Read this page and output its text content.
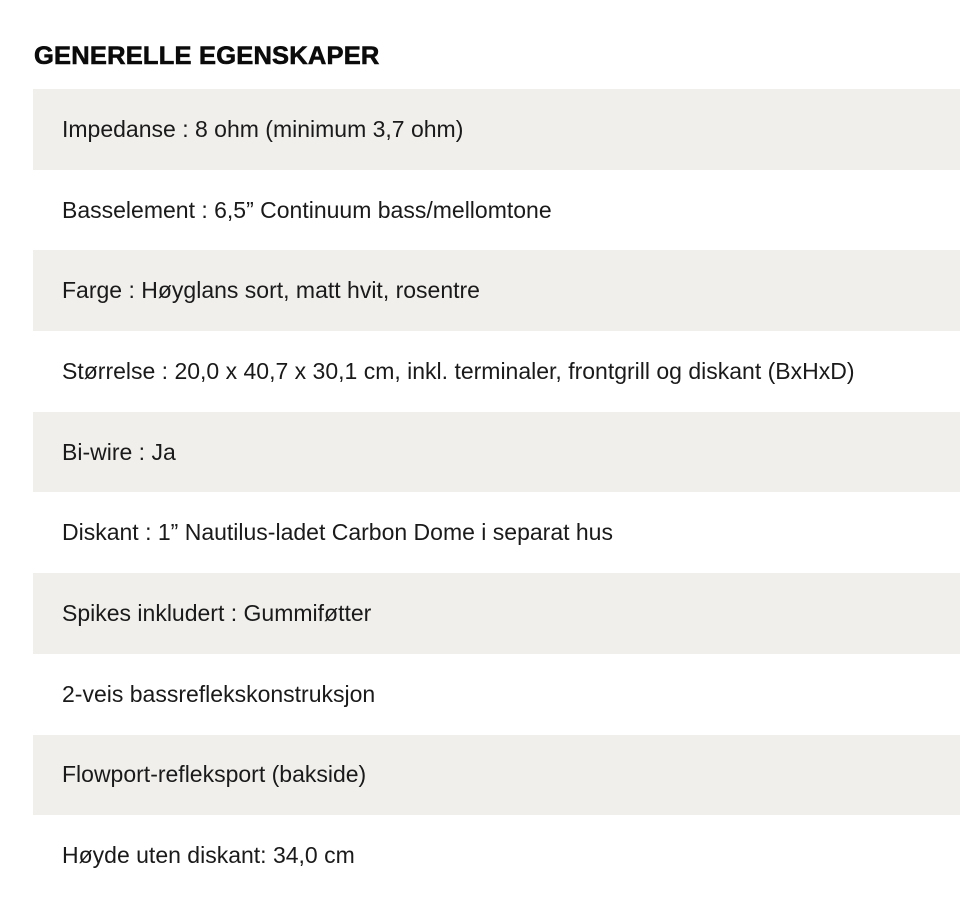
GENERELLE EGENSKAPER
Impedanse : 8 ohm (minimum 3,7 ohm)
Basselement : 6,5” Continuum bass/mellomtone
Farge : Høyglans sort, matt hvit, rosentre
Størrelse : 20,0 x 40,7 x 30,1 cm, inkl. terminaler, frontgrill og diskant (BxHxD)
Bi-wire : Ja
Diskant : 1” Nautilus-ladet Carbon Dome i separat hus
Spikes inkludert : Gummiføtter
2-veis bassreflekskonstruksjon
Flowport-refleksport (bakside)
Høyde uten diskant: 34,0 cm
